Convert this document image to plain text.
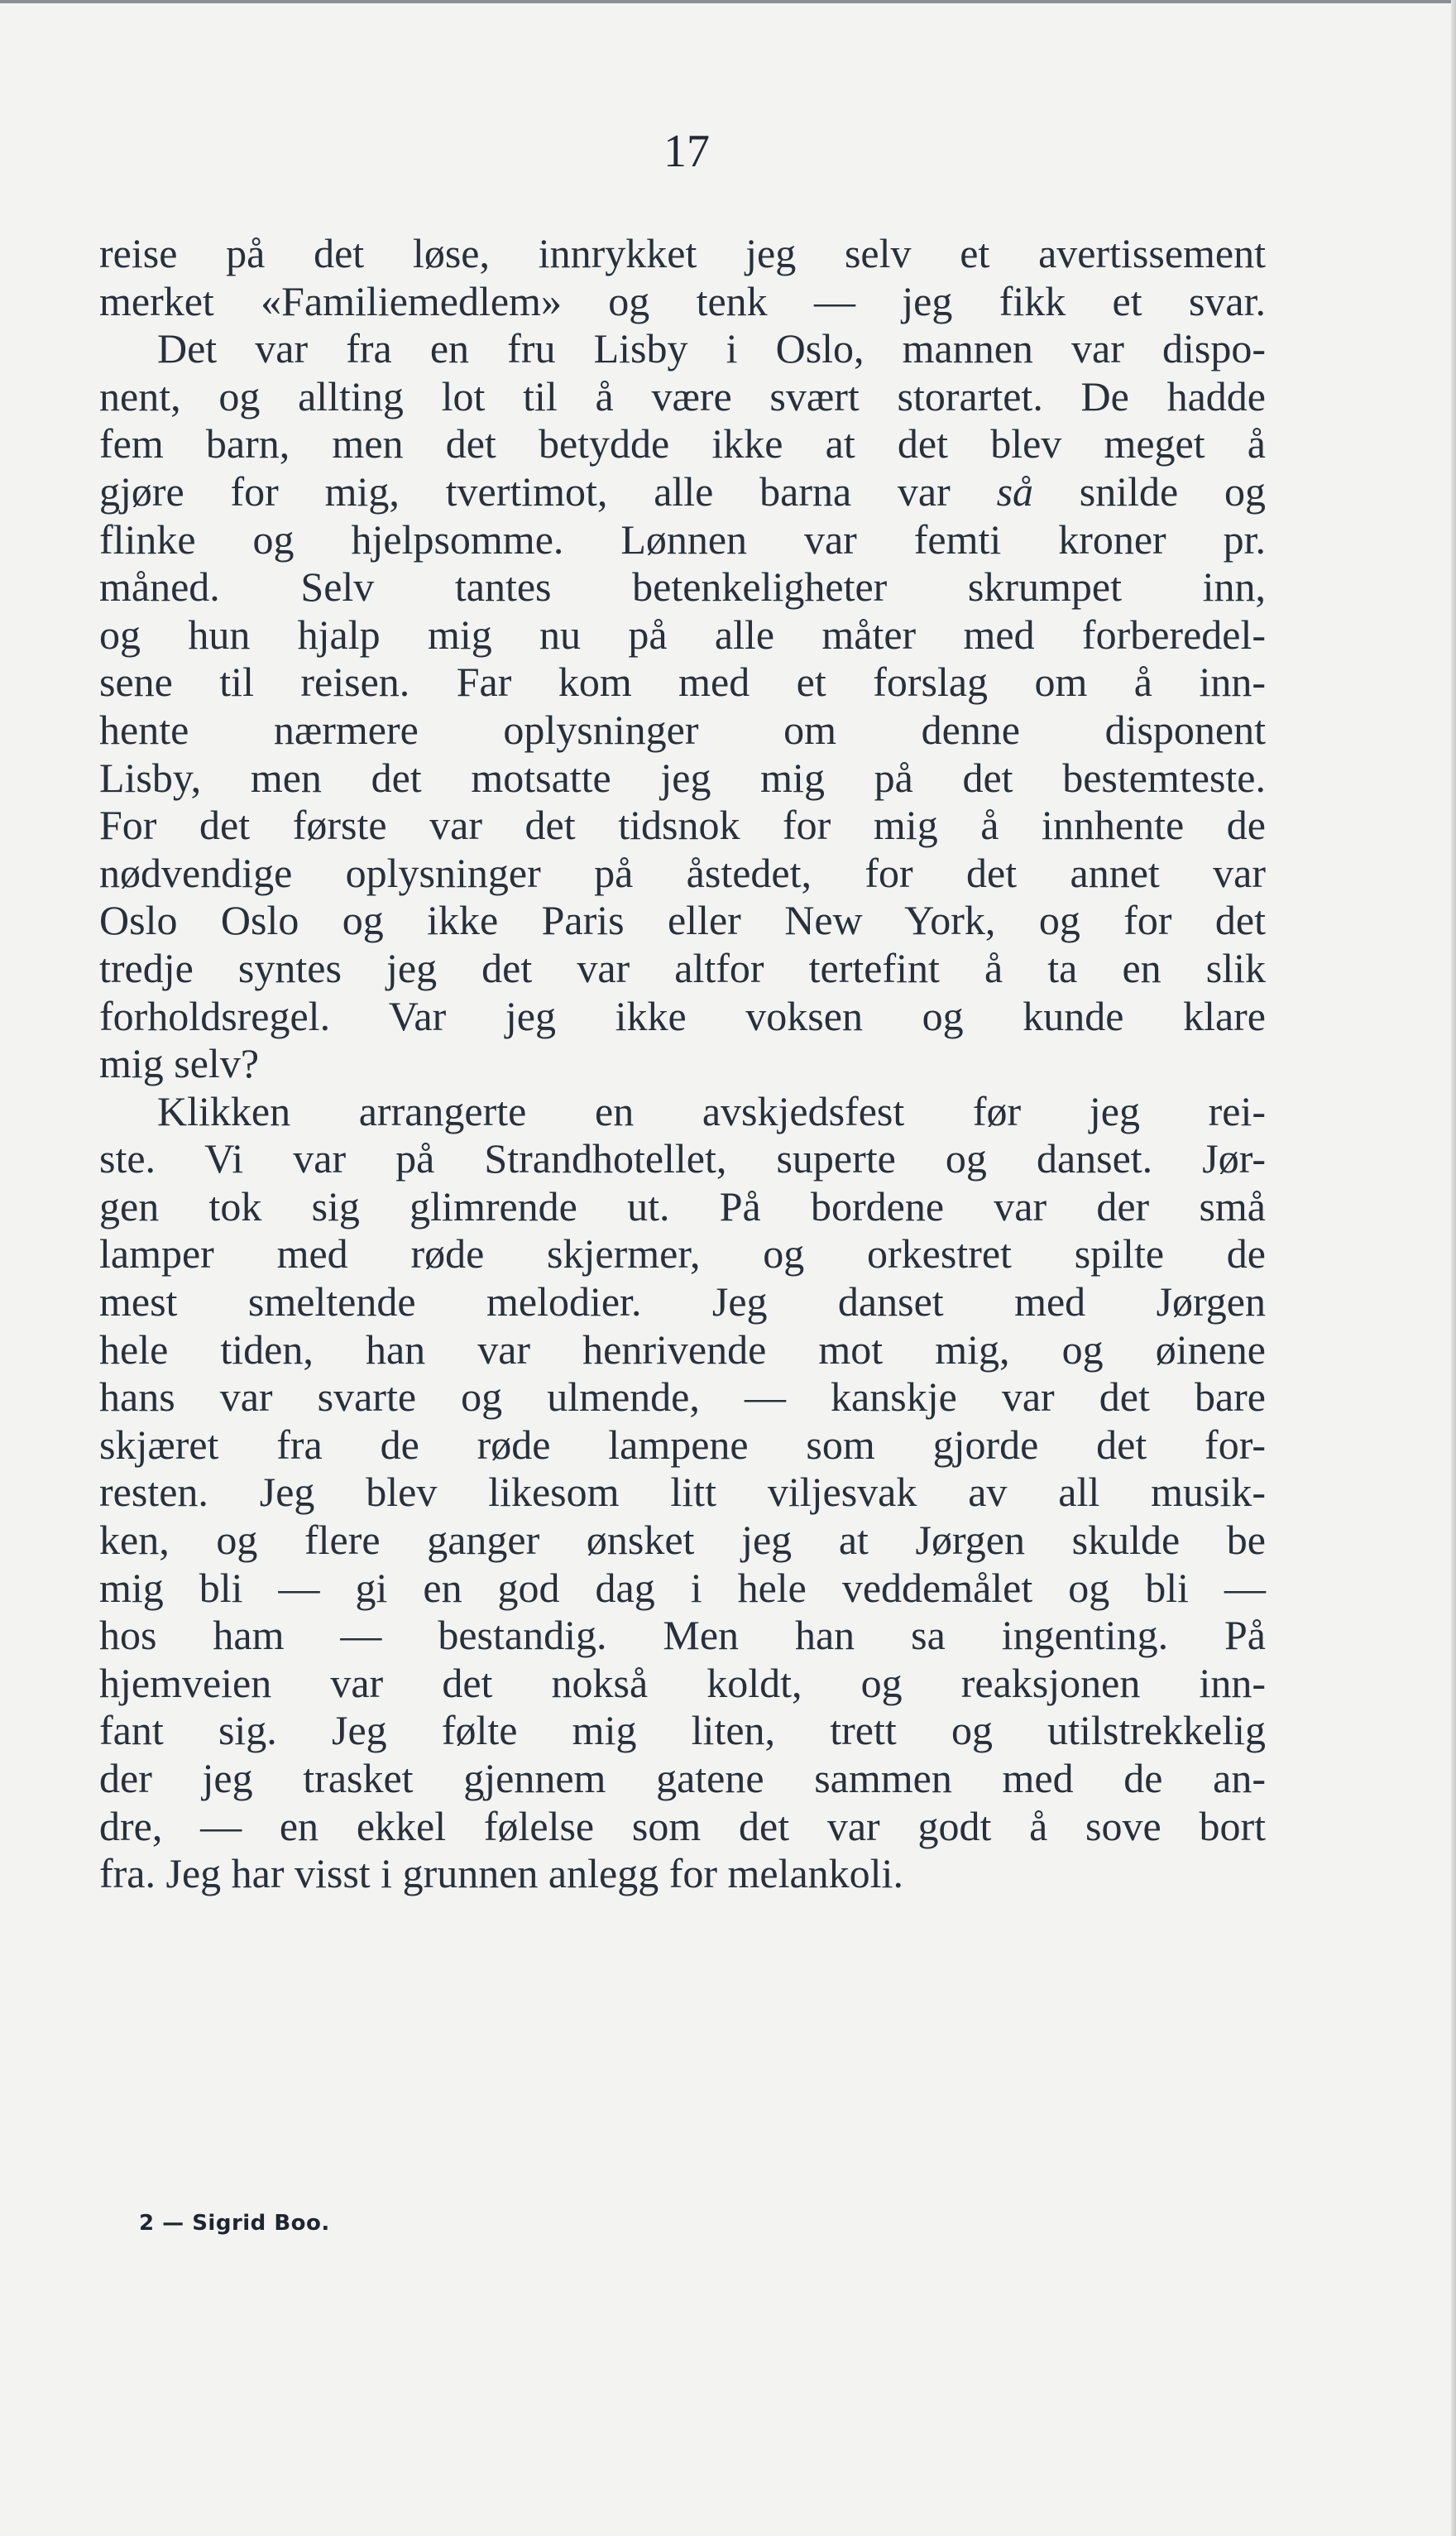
17
reise på det løse, innrykket jeg selv et avertissement
merket «Familiemedlem» og tenk — jeg fikk et svar.
Det var fra en fru Lisby i Oslo, mannen var dispo-
nent, og allting lot til å være svært storartet. De hadde
fem barn, men det betydde ikke at det blev meget å
gjøre for mig, tvertimot, alle barna var så snilde og
flinke og hjelpsomme. Lønnen var femti kroner pr.
måned. Selv tantes betenkeligheter skrumpet inn,
og hun hjalp mig nu på alle måter med forberedel-
sene til reisen. Far kom med et forslag om å inn-
hente nærmere oplysninger om denne disponent
Lisby, men det motsatte jeg mig på det bestemteste.
For det første var det tidsnok for mig å innhente de
nødvendige oplysninger på åstedet, for det annet var
Oslo Oslo og ikke Paris eller New York, og for det
tredje syntes jeg det var altfor tertefint å ta en slik
forholdsregel. Var jeg ikke voksen og kunde klare
mig selv?
Klikken arrangerte en avskjedsfest før jeg rei-
ste. Vi var på Strandhotellet, superte og danset. Jør-
gen tok sig glimrende ut. På bordene var der små
lamper med røde skjermer, og orkestret spilte de
mest smeltende melodier. Jeg danset med Jørgen
hele tiden, han var henrivende mot mig, og øinene
hans var svarte og ulmende, — kanskje var det bare
skjæret fra de røde lampene som gjorde det for-
resten. Jeg blev likesom litt viljesvak av all musik-
ken, og flere ganger ønsket jeg at Jørgen skulde be
mig bli — gi en god dag i hele veddemålet og bli —
hos ham — bestandig. Men han sa ingenting. På
hjemveien var det nokså koldt, og reaksjonen inn-
fant sig. Jeg følte mig liten, trett og utilstrekkelig
der jeg trasket gjennem gatene sammen med de an-
dre, — en ekkel følelse som det var godt å sove bort
fra. Jeg har visst i grunnen anlegg for melankoli.
2 — Sigrid Boo.
